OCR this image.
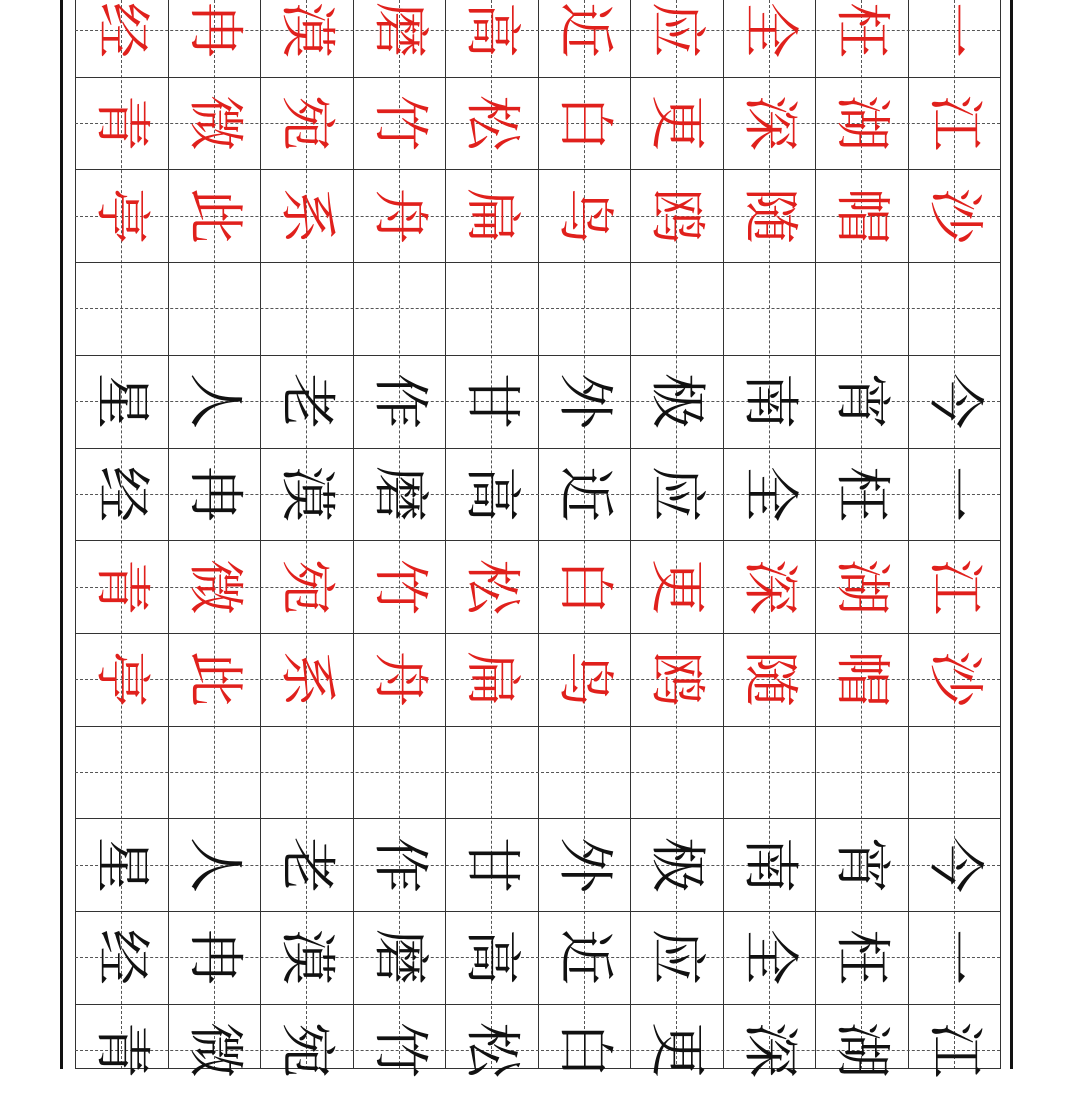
经 冉 漠 磨 高 近 应 全 枉 一
青 微 宛 竹 松 白 更 深 湖 江
亭 此 系 舟 扁 鸟 鸥 随 帽 沙
星 人 老 作 甘 外 极 南 宵 今
经 冉 漠 磨 高 近 应 全 枉 一
青 微 宛 竹 松 白 更 深 湖 江
亭 此 系 舟 扁 鸟 鸥 随 帽 沙
星 人 老 作 甘 外 极 南 宵 今
经 冉 漠 磨 高 近 应 全 枉 一
青 微 宛 竹 松 白 更 深 湖 江
